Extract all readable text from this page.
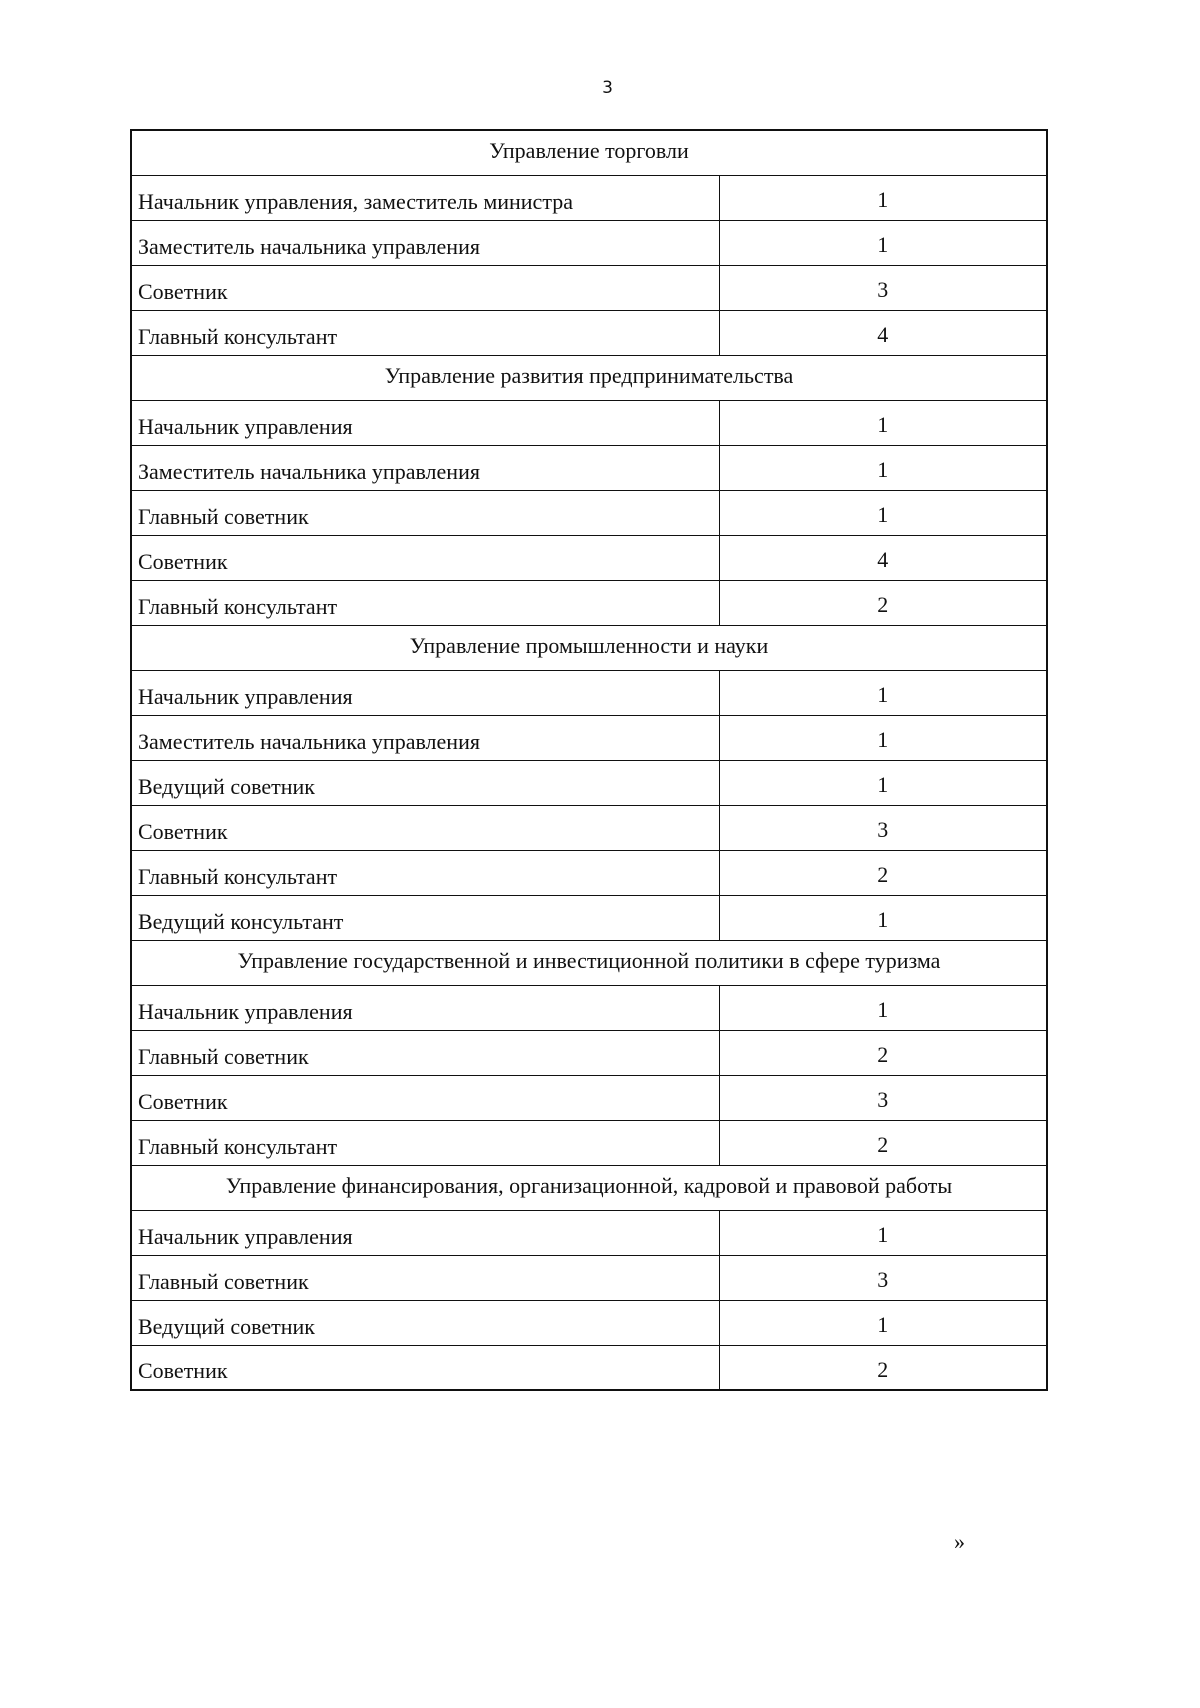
3
Управление торговли	
Начальник управления, заместитель министра	1
Заместитель начальника управления	1
Советник	3
Главный консультант	4
Управление развития предпринимательства	
Начальник управления	1
Заместитель начальника управления	1
Главный советник	1
Советник	4
Главный консультант	2
Управление промышленности и науки	
Начальник управления	1
Заместитель начальника управления	1
Ведущий советник	1
Советник	3
Главный консультант	2
Ведущий консультант	1
Управление государственной и инвестиционной политики в сфере туризма	
Начальник управления	1
Главный советник	2
Советник	3
Главный консультант	2
Управление финансирования, организационной, кадровой и правовой работы	
Начальник управления	1
Главный советник	3
Ведущий советник	1
Советник	2
»
